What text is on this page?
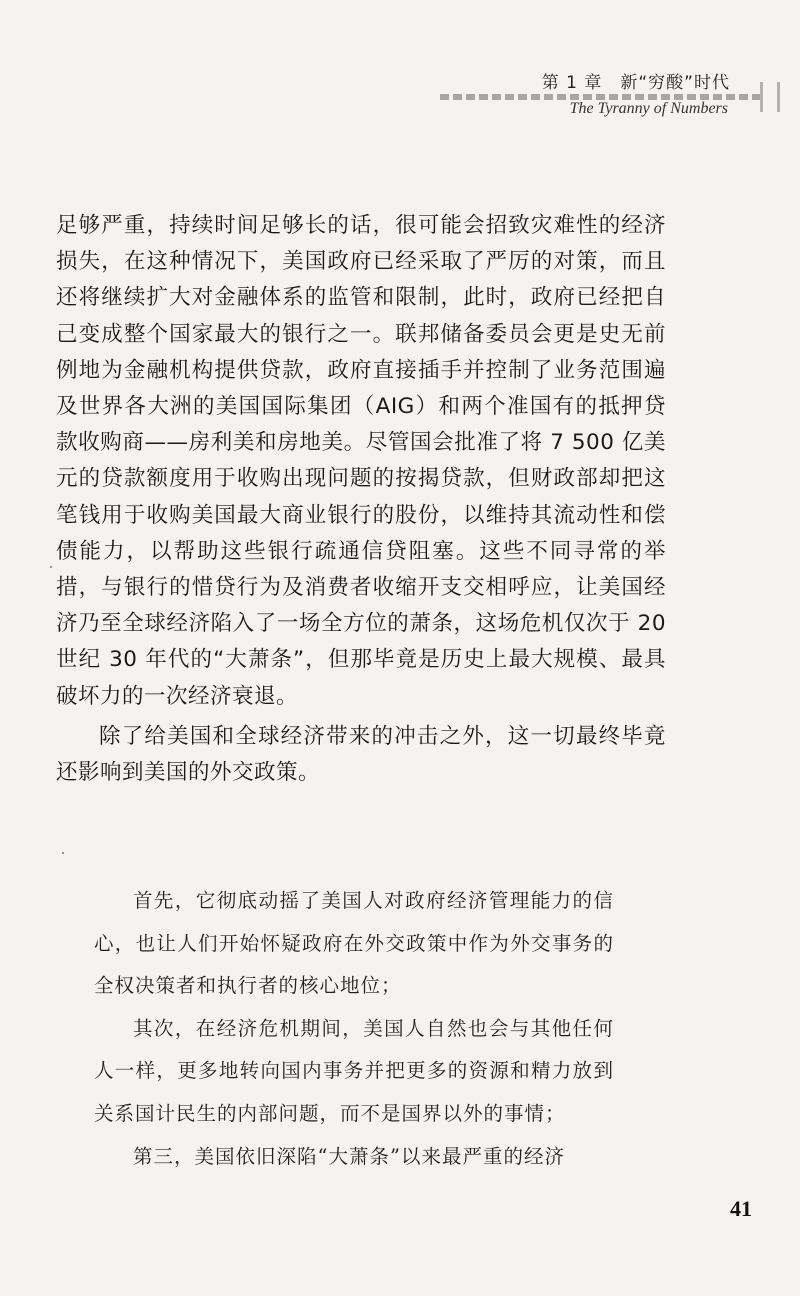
第 1 章　新“穷酸”时代
The Tyranny of Numbers

足够严重，持续时间足够长的话，很可能会招致灾难性的经济损失，在这种情况下，美国政府已经采取了严厉的对策，而且还将继续扩大对金融体系的监管和限制，此时，政府已经把自己变成整个国家最大的银行之一。联邦储备委员会更是史无前例地为金融机构提供贷款，政府直接插手并控制了业务范围遍及世界各大洲的美国国际集团（AIG）和两个准国有的抵押贷款收购商——房利美和房地美。尽管国会批准了将 7 500 亿美元的贷款额度用于收购出现问题的按揭贷款，但财政部却把这笔钱用于收购美国最大商业银行的股份，以维持其流动性和偿债能力，以帮助这些银行疏通信贷阻塞。这些不同寻常的举措，与银行的惜贷行为及消费者收缩开支交相呼应，让美国经济乃至全球经济陷入了一场全方位的萧条，这场危机仅次于 20 世纪 30 年代的“大萧条”，但那毕竟是历史上最大规模、最具破坏力的一次经济衰退。

除了给美国和全球经济带来的冲击之外，这一切最终毕竟还影响到美国的外交政策。

首先，它彻底动摇了美国人对政府经济管理能力的信心，也让人们开始怀疑政府在外交政策中作为外交事务的全权决策者和执行者的核心地位；

其次，在经济危机期间，美国人自然也会与其他任何人一样，更多地转向国内事务并把更多的资源和精力放到关系国计民生的内部问题，而不是国界以外的事情；

第三，美国依旧深陷“大萧条”以来最严重的经济

41
